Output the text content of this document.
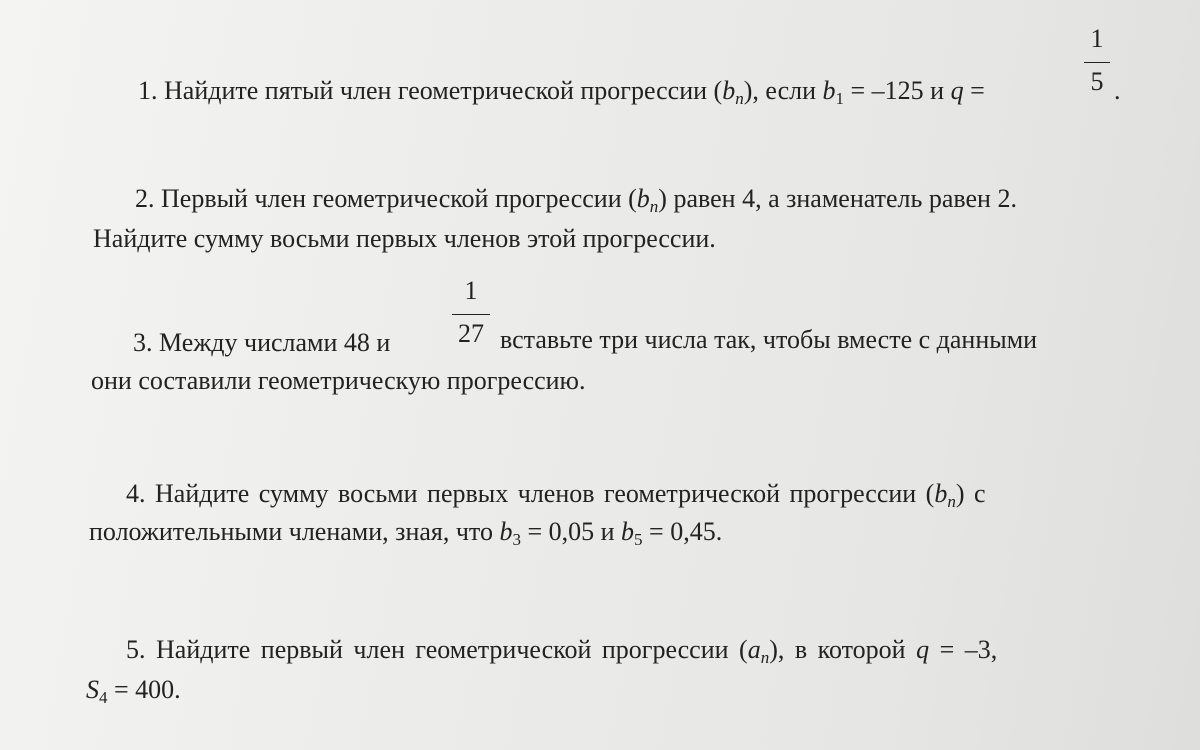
1. Найдите пятый член геометрической прогрессии $(b_n)$, если $b_1 = -125$ и q =
1
5 .
2. Первый член геометрической прогрессии $(b_n)$ равен 4, а знаменатель равен 2.
Найдите сумму восьми первых членов этой прогрессии.
3. Между числами 48 и
1
27 вставьте три числа так, чтобы вместе с данными
они составили геометрическую прогрессию.
4. Найдите сумму восьми первых членов геометрической прогрессии $(b_n)$ с
положительными членами, зная, что $b_3 = 0,05$ и $b_5 = 0,45$.
5. Найдите первый член геометрической прогрессии $(a_n)$, в которой q = –3,
$S_4 = 400$.
